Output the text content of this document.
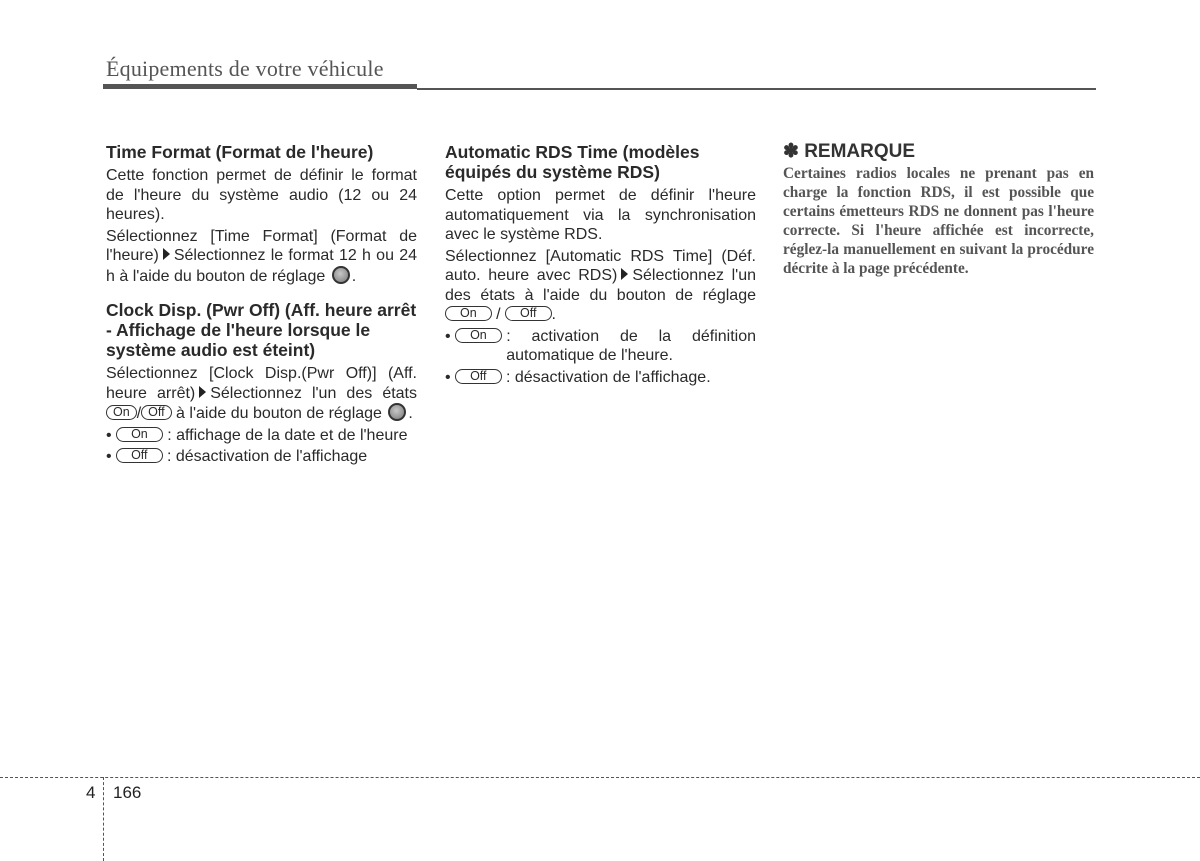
Équipements de votre véhicule
Time Format (Format de l'heure)

Cette fonction permet de définir le format de l'heure du système audio (12 ou 24 heures).

Sélectionnez [Time Format] (Format de l'heure) Sélectionnez le format 12 h ou 24 h à l'aide du bouton de réglage .

Clock Disp. (Pwr Off) (Aff. heure arrêt - Affichage de l'heure lorsque le système audio est éteint)

Sélectionnez [Clock Disp.(Pwr Off)] (Aff. heure arrêt) Sélectionnez l'un des états On / Off à l'aide du bouton de réglage .

• On : affichage de la date et de l'heure

• Off : désactivation de l'affichage

Automatic RDS Time (modèles équipés du système RDS)

Cette option permet de définir l'heure automatiquement via la synchronisation avec le système RDS.

Sélectionnez [Automatic RDS Time] (Déf. auto. heure avec RDS) Sélectionnez l'un des états à l'aide du bouton de réglage On / Off .

• On	: activation de la définition automatique de l'heure.
• Off	: désactivation de l'affichage.
✽ REMARQUE
Certaines radios locales ne prenant pas en charge la fonction RDS, il est possible que certains émetteurs RDS ne donnent pas l'heure correcte. Si l'heure affichée est incorrecte, réglez-la manuellement en suivant la procédure décrite à la page précédente.
4 166
